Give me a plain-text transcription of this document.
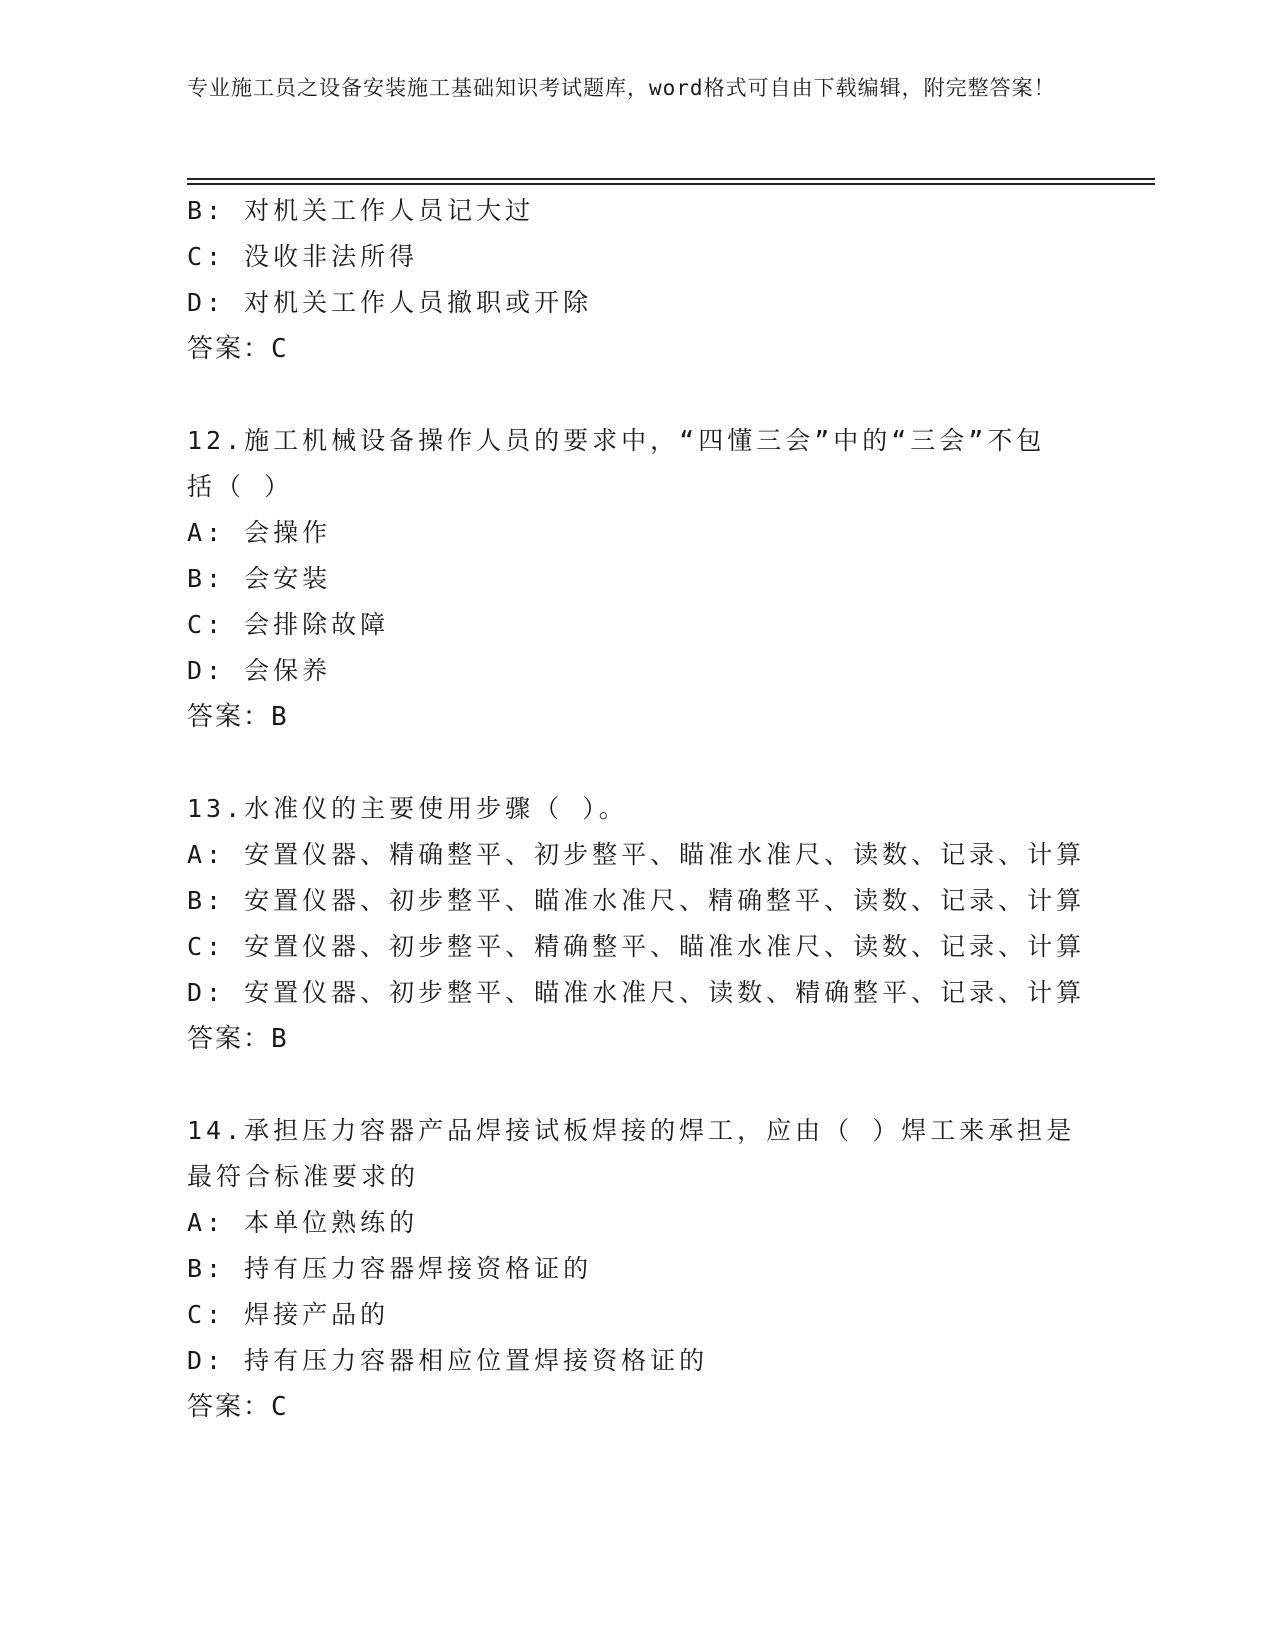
专业施工员之设备安装施工基础知识考试题库，word格式可自由下载编辑，附完整答案！
B: 对机关工作人员记大过
C: 没收非法所得
D: 对机关工作人员撤职或开除
答案：C
12.施工机械设备操作人员的要求中，“四懂三会”中的“三会”不包
括（ ）
A: 会操作
B: 会安装
C: 会排除故障
D: 会保养
答案：B
13.水准仪的主要使用步骤（ ）。
A: 安置仪器、精确整平、初步整平、瞄准水准尺、读数、记录、计算
B: 安置仪器、初步整平、瞄准水准尺、精确整平、读数、记录、计算
C: 安置仪器、初步整平、精确整平、瞄准水准尺、读数、记录、计算
D: 安置仪器、初步整平、瞄准水准尺、读数、精确整平、记录、计算
答案：B
14.承担压力容器产品焊接试板焊接的焊工，应由（ ）焊工来承担是
最符合标准要求的
A: 本单位熟练的
B: 持有压力容器焊接资格证的
C: 焊接产品的
D: 持有压力容器相应位置焊接资格证的
答案：C
